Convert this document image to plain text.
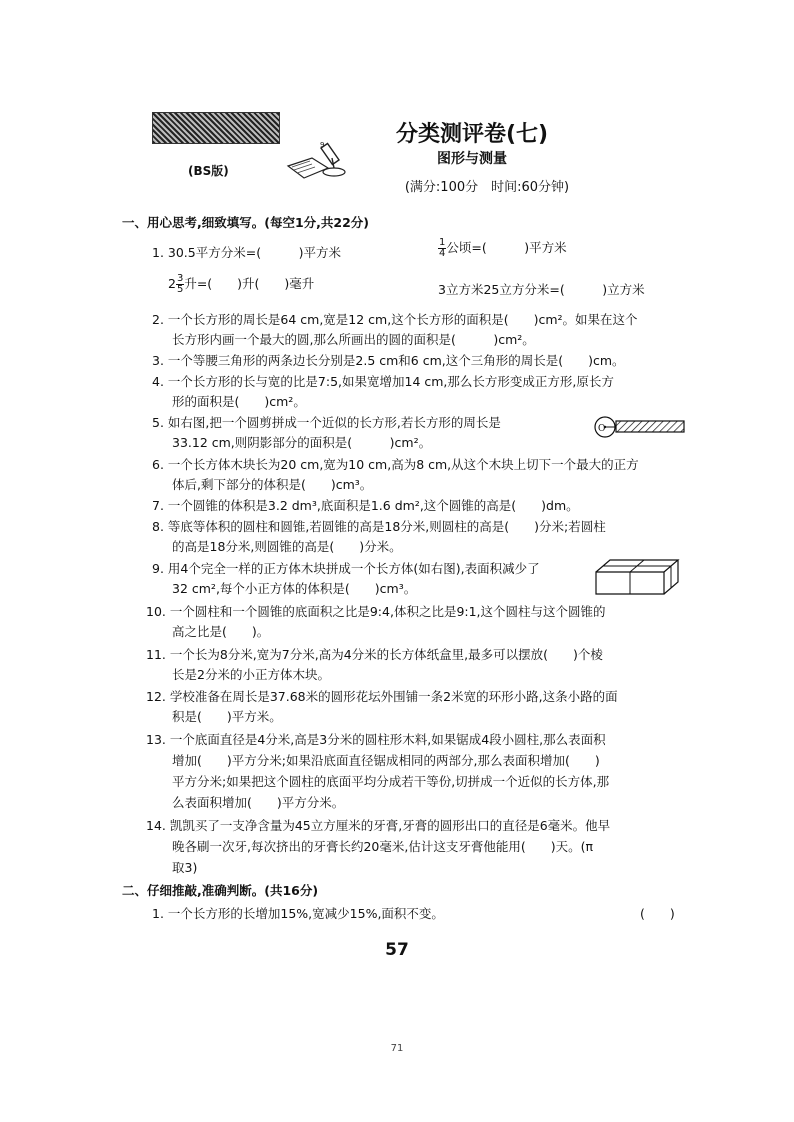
(BS版)
9	分类测评卷(七)
图形与测量
(满分:100分　时间:60分钟)
一、用心思考,细致填写。(每空1分,共22分)
1. 30.5平方分米=(　　　)平方米	$\frac{1}{4}$ 公顷=(　　　)平方米
$2 \frac{3}{5}$ 升=(　　)升(　　)毫升	3立方米25立方分米=(　　　)立方米
2. 一个长方形的周长是64 cm,宽是12 cm,这个长方形的面积是(　　)cm²。如果在这个
长方形内画一个最大的圆,那么所画出的圆的面积是(　　　)cm²。
3. 一个等腰三角形的两条边长分别是2.5 cm和6 cm,这个三角形的周长是(　　)cm。
4. 一个长方形的长与宽的比是7:5,如果宽增加14 cm,那么长方形变成正方形,原长方
形的面积是(　　)cm²。
5. 如右图,把一个圆剪拼成一个近似的长方形,若长方形的周长是
33.12 cm,则阴影部分的面积是(　　　)cm²。
O
6. 一个长方体木块长为20 cm,宽为10 cm,高为8 cm,从这个木块上切下一个最大的正方
体后,剩下部分的体积是(　　)cm³。
7. 一个圆锥的体积是3.2 dm³,底面积是1.6 dm²,这个圆锥的高是(　　)dm。
8. 等底等体积的圆柱和圆锥,若圆锥的高是18分米,则圆柱的高是(　　)分米;若圆柱
的高是18分米,则圆锥的高是(　　)分米。
9. 用4个完全一样的正方体木块拼成一个长方体(如右图),表面积减少了
32 cm²,每个小正方体的体积是(　　)cm³。
10. 一个圆柱和一个圆锥的底面积之比是9:4,体积之比是9:1,这个圆柱与这个圆锥的
高之比是(　　)。
11. 一个长为8分米,宽为7分米,高为4分米的长方体纸盒里,最多可以摆放(　　)个棱
长是2分米的小正方体木块。
12. 学校准备在周长是37.68米的圆形花坛外围铺一条2米宽的环形小路,这条小路的面
积是(　　)平方米。
13. 一个底面直径是4分米,高是3分米的圆柱形木料,如果锯成4段小圆柱,那么表面积
增加(　　)平方分米;如果沿底面直径锯成相同的两部分,那么表面积增加(　　)
平方分米;如果把这个圆柱的底面平均分成若干等份,切拼成一个近似的长方体,那
么表面积增加(　　)平方分米。
14. 凯凯买了一支净含量为45立方厘米的牙膏,牙膏的圆形出口的直径是6毫米。他早
晚各刷一次牙,每次挤出的牙膏长约20毫米,估计这支牙膏他能用(　　)天。(π
取3)
二、仔细推敲,准确判断。(共16分)
1. 一个长方形的长增加15%,宽减少15%,面积不变。	(　　)
57
71
